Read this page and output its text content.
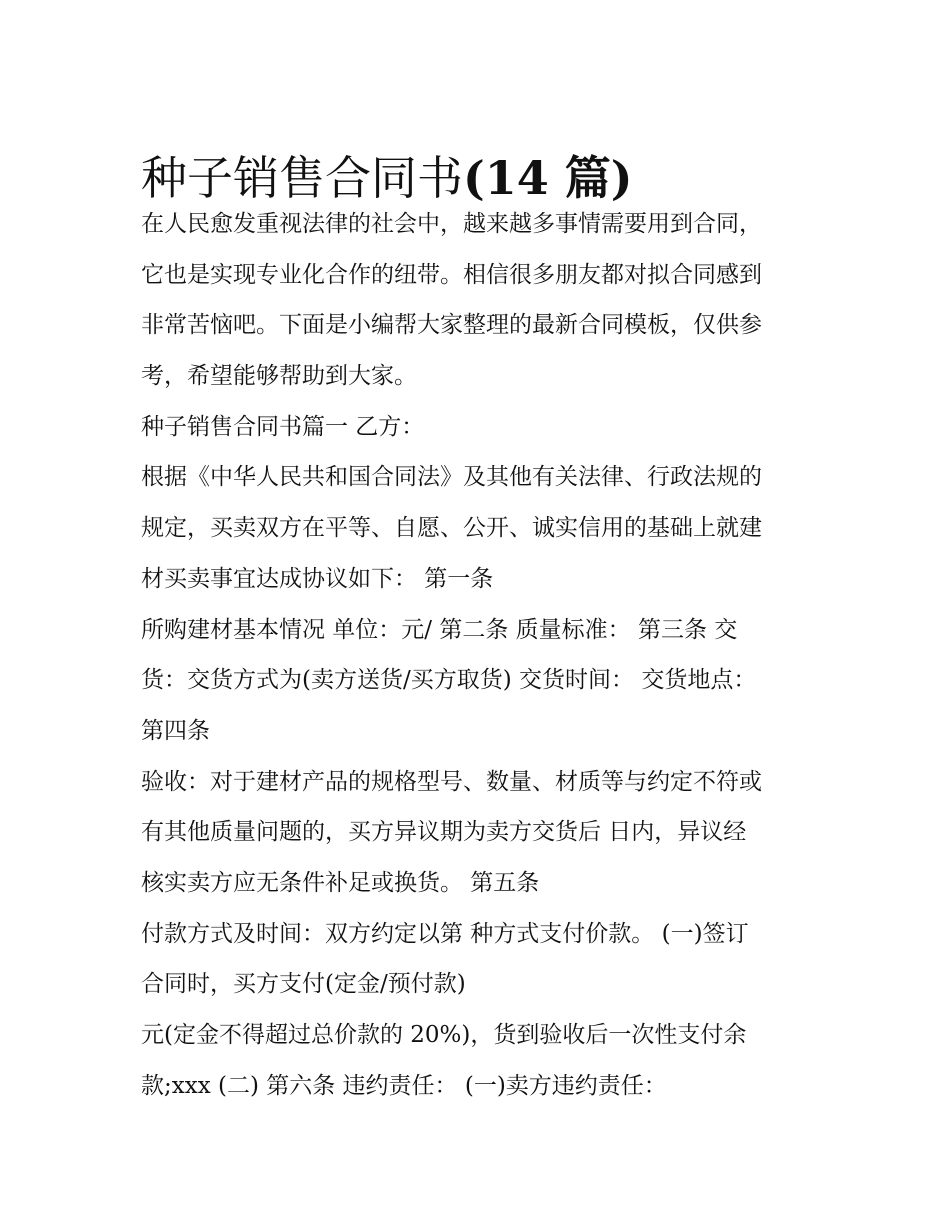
种子销售合同书(14 篇)
在人民愈发重视法律的社会中，越来越多事情需要用到合同，
它也是实现专业化合作的纽带。相信很多朋友都对拟合同感到
非常苦恼吧。下面是小编帮大家整理的最新合同模板，仅供参
考，希望能够帮助到大家。
种子销售合同书篇一 乙方：
根据《中华人民共和国合同法》及其他有关法律、行政法规的
规定，买卖双方在平等、自愿、公开、诚实信用的基础上就建
材买卖事宜达成协议如下： 第一条
所购建材基本情况 单位：元/ 第二条 质量标准： 第三条 交
货：交货方式为(卖方送货/买方取货) 交货时间： 交货地点：
第四条
验收：对于建材产品的规格型号、数量、材质等与约定不符或
有其他质量问题的，买方异议期为卖方交货后 日内，异议经
核实卖方应无条件补足或换货。 第五条
付款方式及时间：双方约定以第 种方式支付价款。 (一)签订
合同时，买方支付(定金/预付款)
元(定金不得超过总价款的 20%)，货到验收后一次性支付余
款;xxx (二) 第六条 违约责任： (一)卖方违约责任：
